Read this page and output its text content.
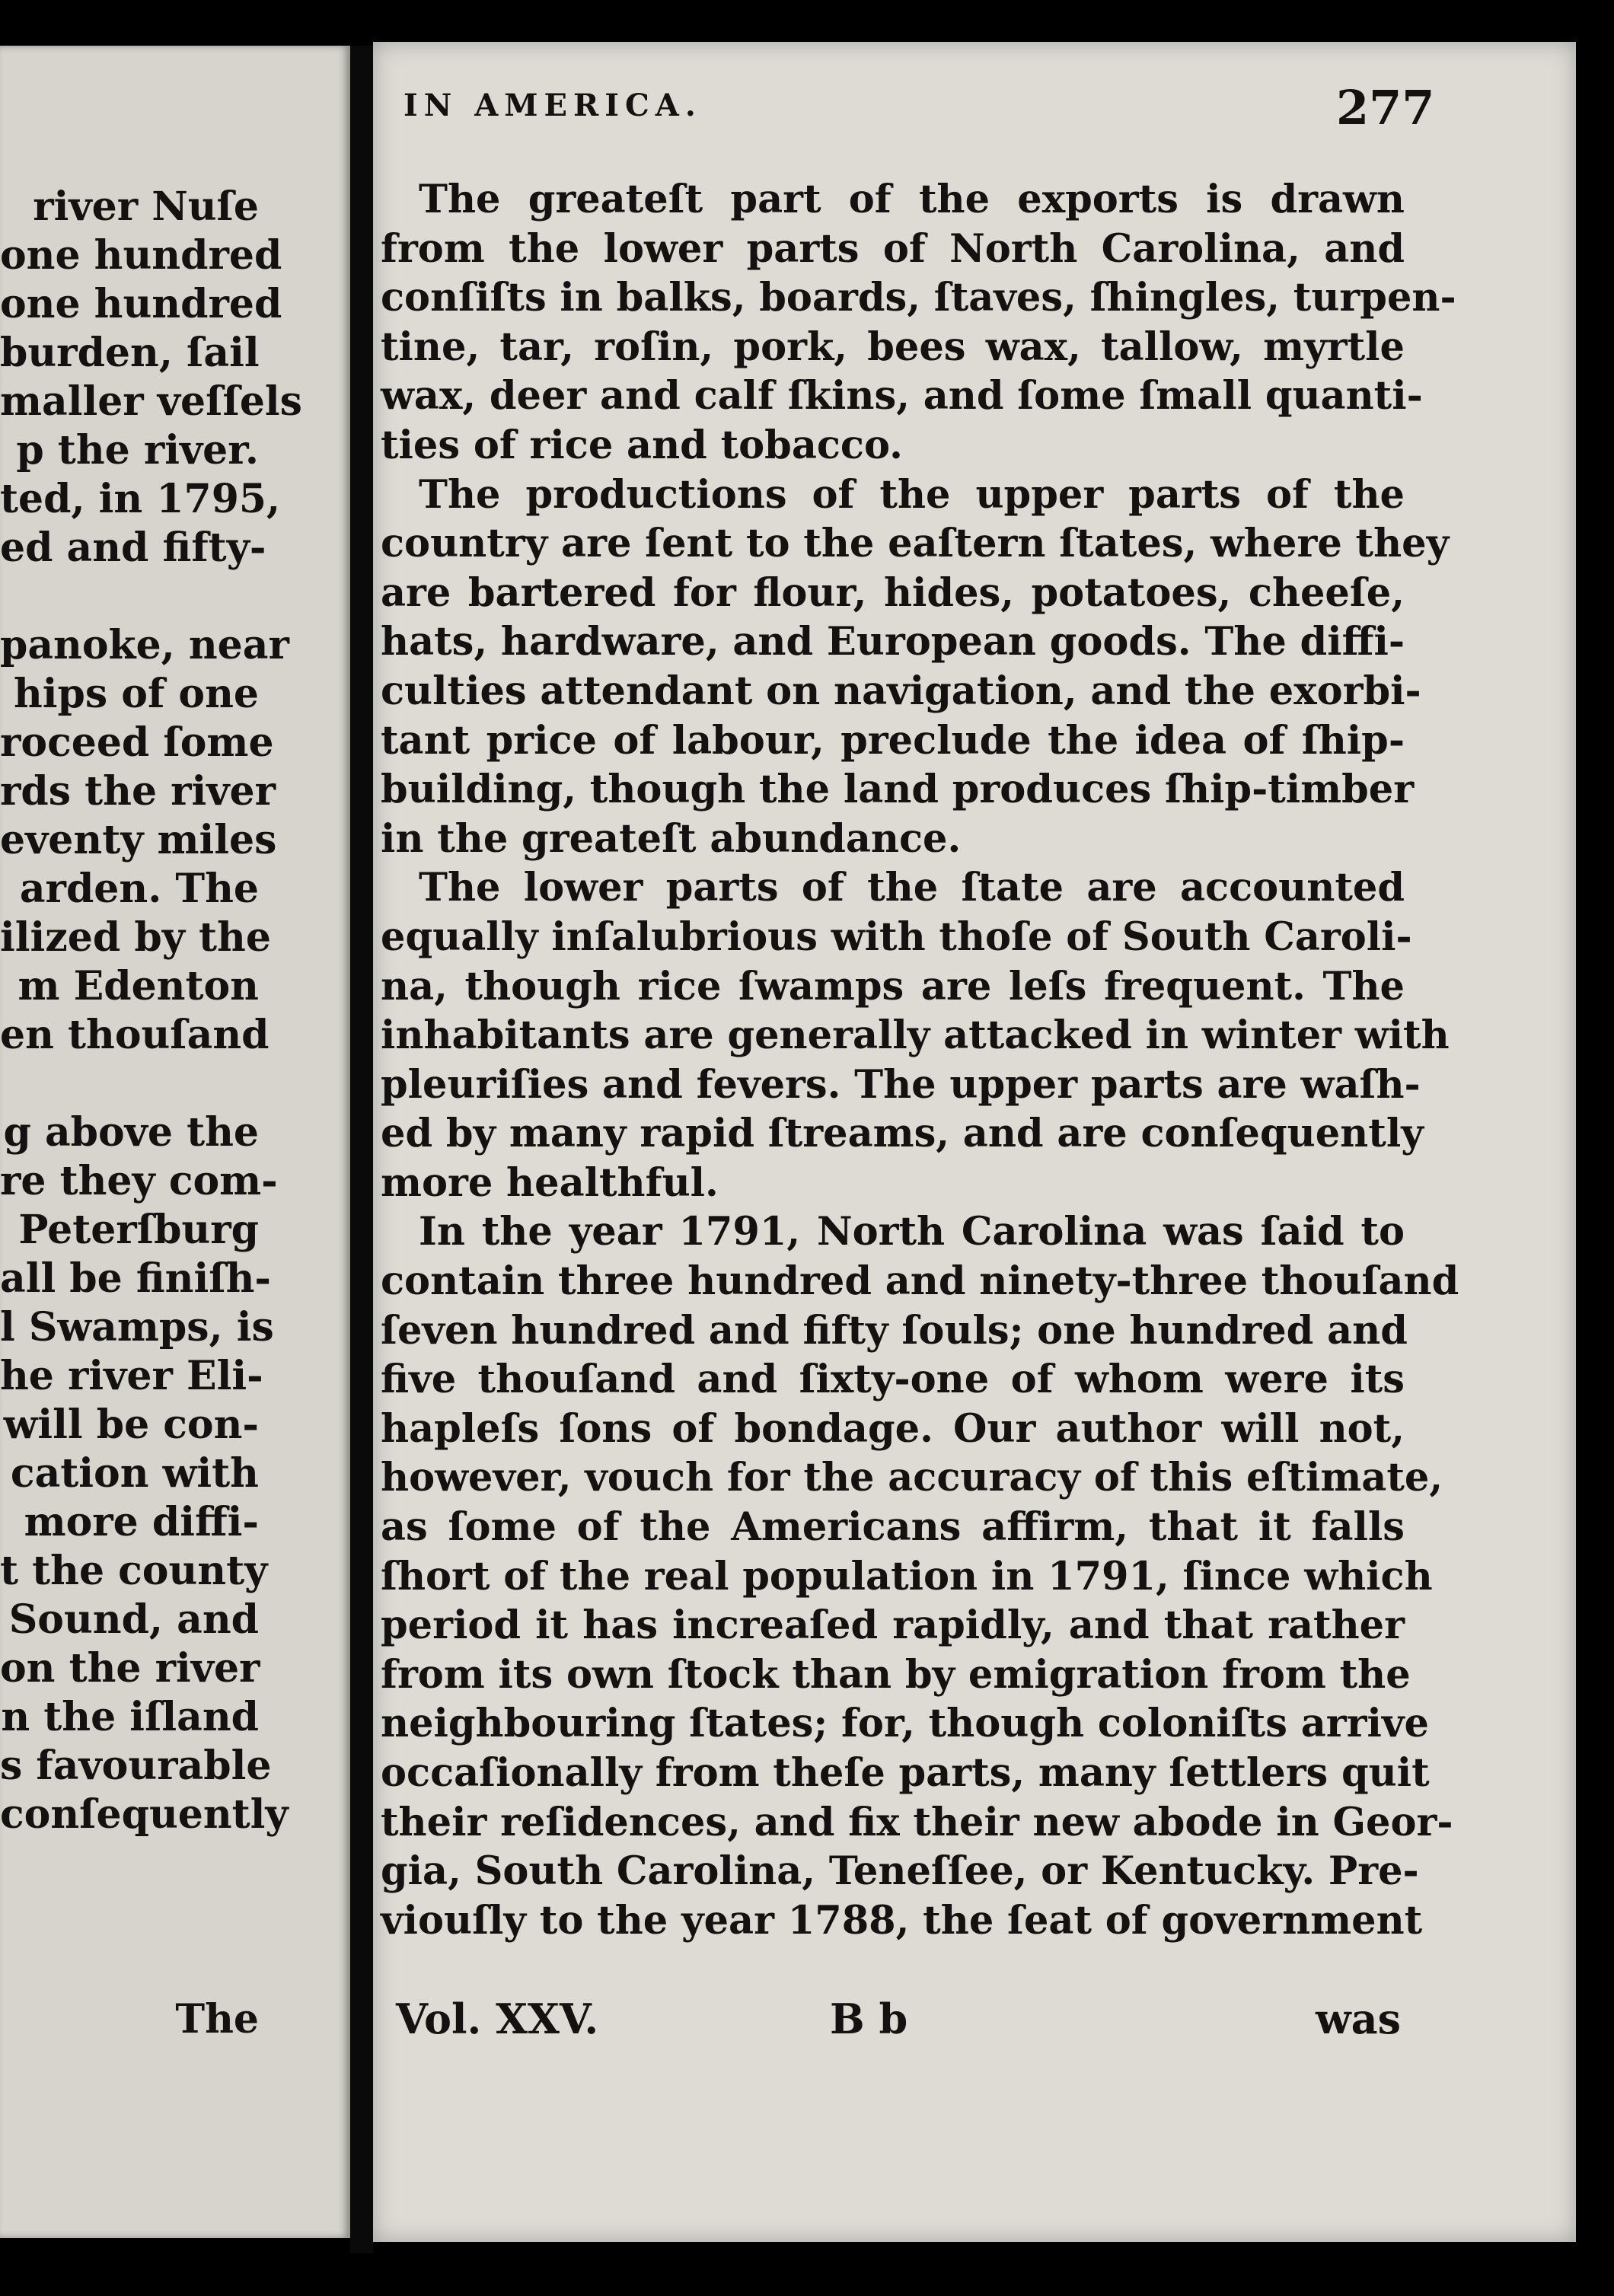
river Nuſe
one hundred
one hundred
burden, ſail
maller veſſels
p the river.
ted, in 1795,
ed and fifty-
panoke, near
hips of one
roceed ſome
rds the river
eventy miles
arden. The
ilized by the
m Edenton
en thouſand
g above the
re they com-
Peterſburg
all be finiſh-
l Swamps, is
he river Eli-
will be con-
cation with
more diffi-
t the county
Sound, and
on the river
n the iſland
s favourable
conſequently
The
IN AMERICA.	277
The greateſt part of the exports is drawn
from the lower parts of North Carolina, and
conſiſts in balks, boards, ſtaves, ſhingles, turpen-
tine, tar, roſin, pork, bees wax, tallow, myrtle
wax, deer and calf ſkins, and ſome ſmall quanti-
ties of rice and tobacco.
The productions of the upper parts of the
country are ſent to the eaſtern ſtates, where they
are bartered for flour, hides, potatoes, cheeſe,
hats, hardware, and European goods. The diffi-
culties attendant on navigation, and the exorbi-
tant price of labour, preclude the idea of ſhip-
building, though the land produces ſhip-timber
in the greateſt abundance.
The lower parts of the ſtate are accounted
equally inſalubrious with thoſe of South Caroli-
na, though rice ſwamps are leſs frequent. The
inhabitants are generally attacked in winter with
pleuriſies and fevers. The upper parts are waſh-
ed by many rapid ſtreams, and are conſequently
more healthful.
In the year 1791, North Carolina was ſaid to
contain three hundred and ninety-three thouſand
ſeven hundred and fifty ſouls; one hundred and
five thouſand and ſixty-one of whom were its
hapleſs ſons of bondage. Our author will not,
however, vouch for the accuracy of this eſtimate,
as ſome of the Americans affirm, that it falls
ſhort of the real population in 1791, ſince which
period it has increaſed rapidly, and that rather
from its own ſtock than by emigration from the
neighbouring ſtates; for, though coloniſts arrive
occaſionally from theſe parts, many ſettlers quit
their reſidences, and fix their new abode in Geor-
gia, South Carolina, Teneſſee, or Kentucky. Pre-
viouſly to the year 1788, the ſeat of government
Vol. XXV.	B b	was
